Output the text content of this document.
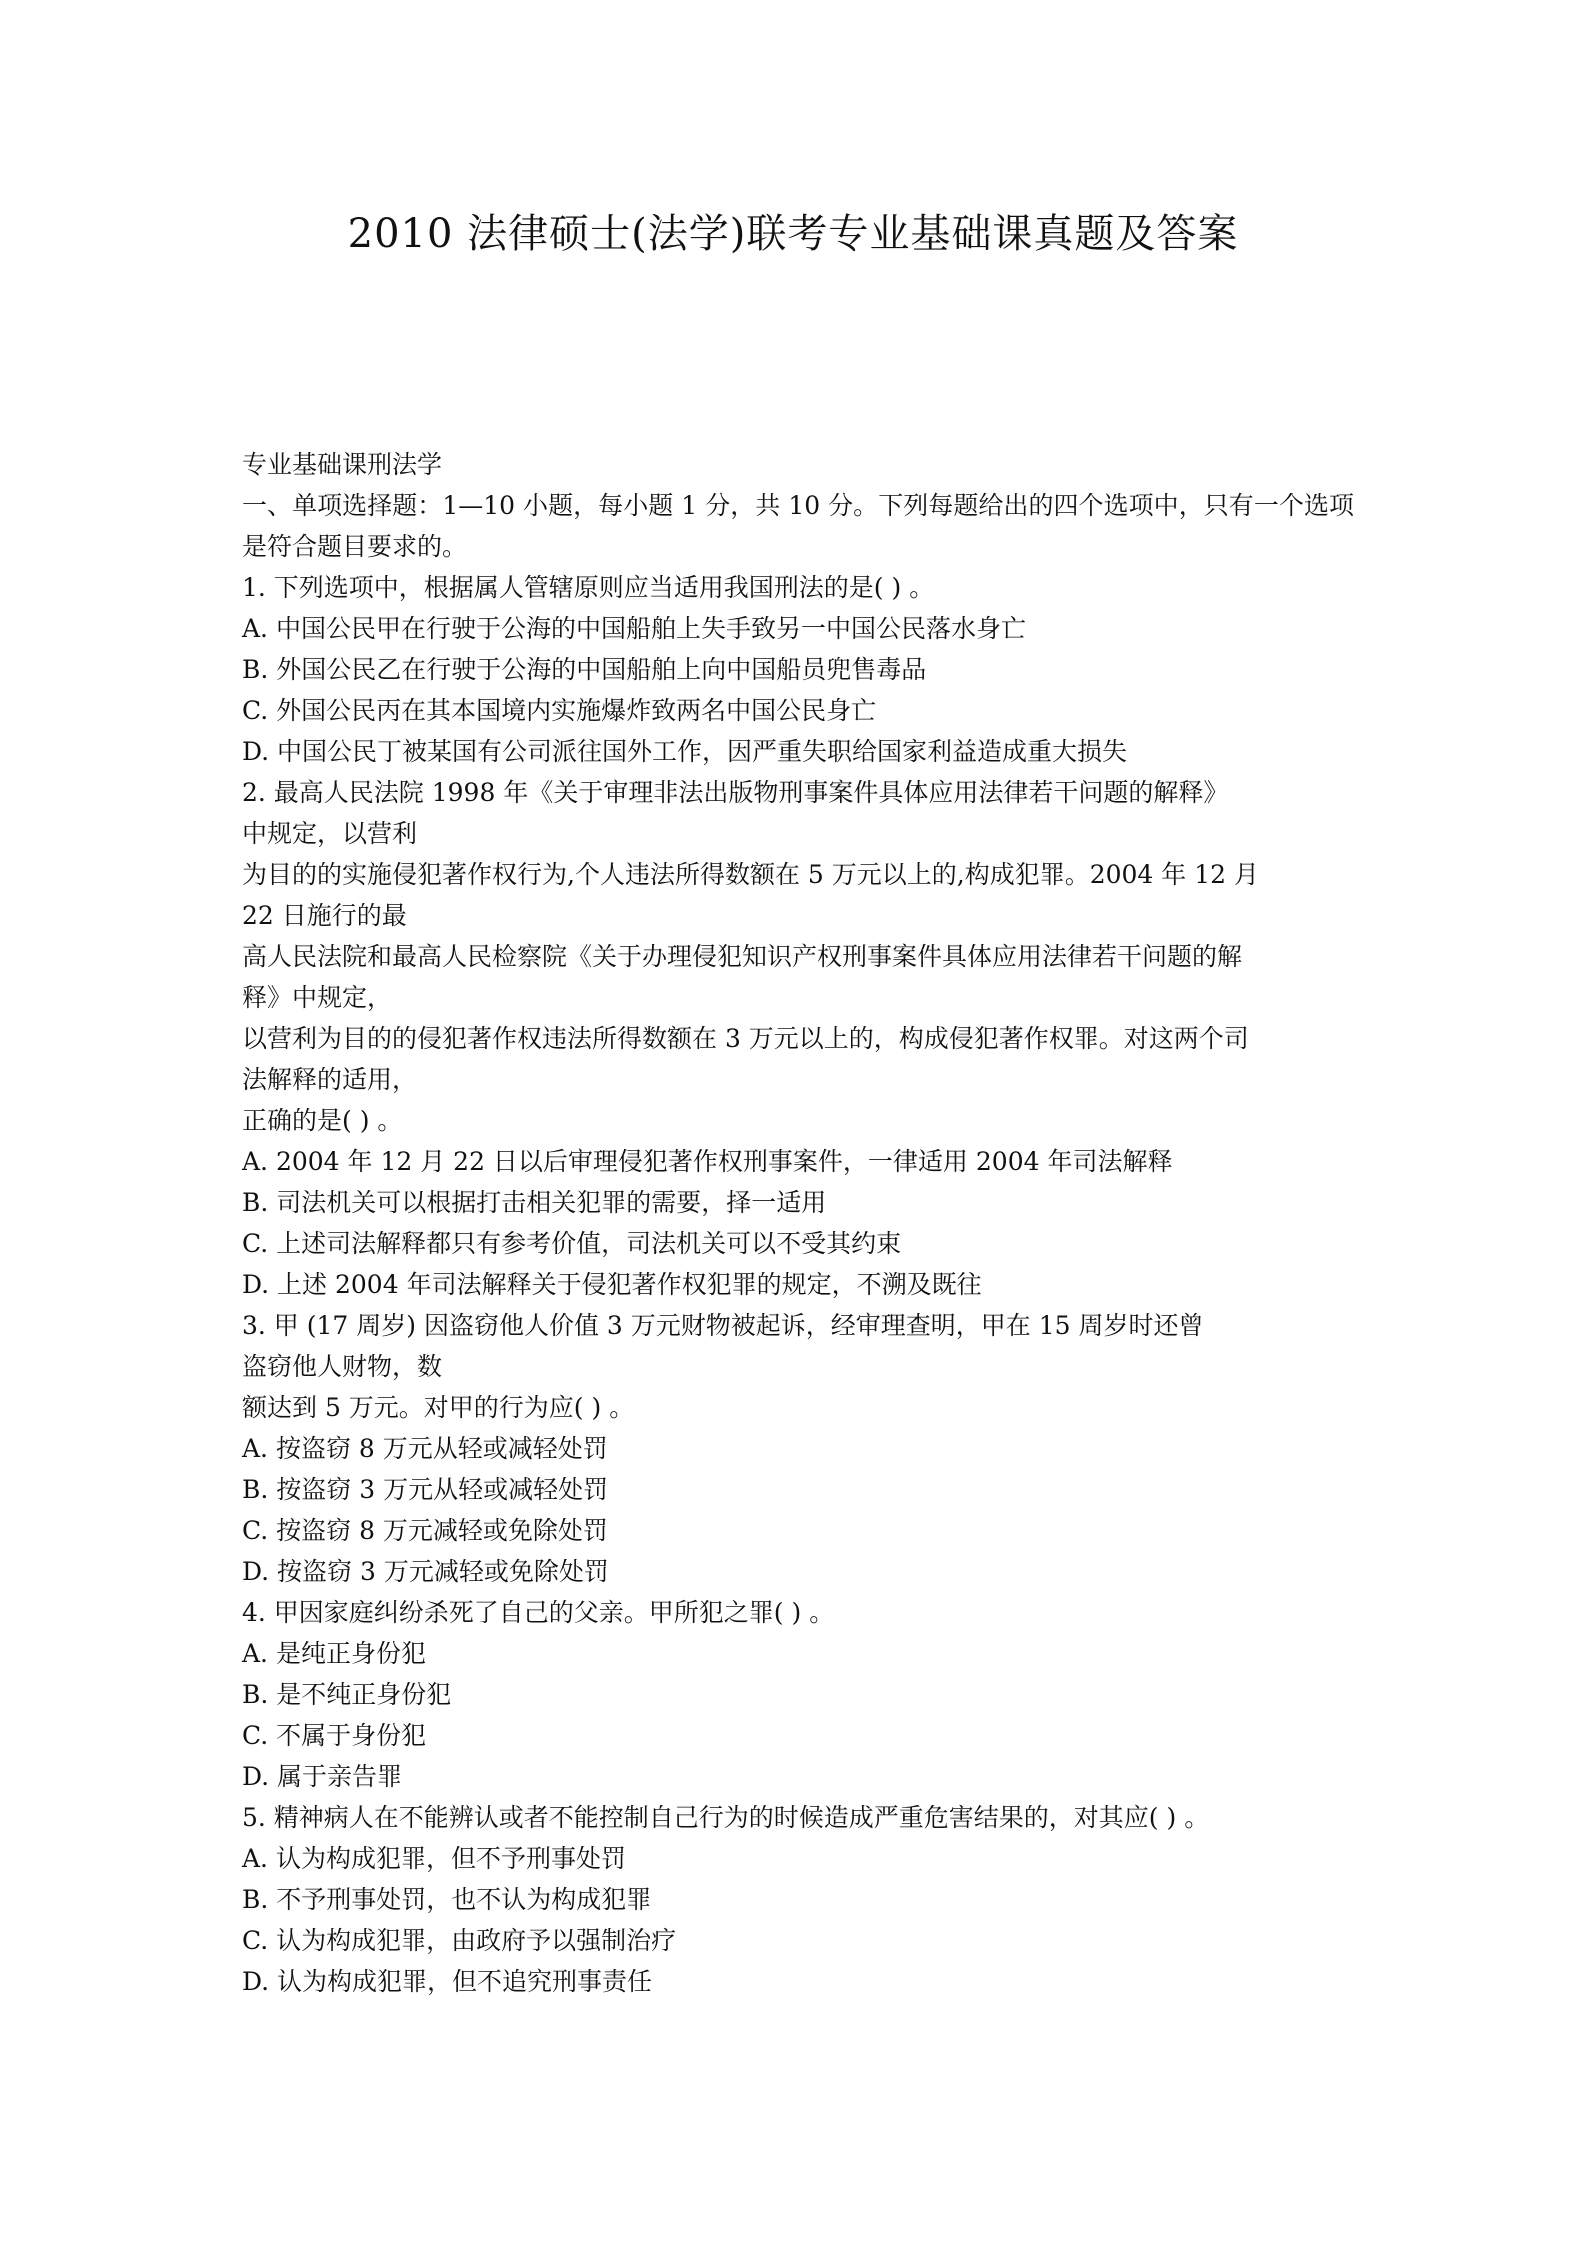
2010 法律硕士(法学)联考专业基础课真题及答案
专业基础课刑法学
一、单项选择题：1—10 小题，每小题 1 分，共 10 分。下列每题给出的四个选项中，只有一个选项是符合题目要求的。
1. 下列选项中，根据属人管辖原则应当适用我国刑法的是( ) 。
A. 中国公民甲在行驶于公海的中国船舶上失手致另一中国公民落水身亡
B. 外国公民乙在行驶于公海的中国船舶上向中国船员兜售毒品
C. 外国公民丙在其本国境内实施爆炸致两名中国公民身亡
D. 中国公民丁被某国有公司派往国外工作，因严重失职给国家利益造成重大损失
2. 最高人民法院 1998 年《关于审理非法出版物刑事案件具体应用法律若干问题的解释》
中规定，以营利
为目的的实施侵犯著作权行为,个人违法所得数额在 5 万元以上的,构成犯罪。2004 年 12 月
22 日施行的最
高人民法院和最高人民检察院《关于办理侵犯知识产权刑事案件具体应用法律若干问题的解
释》中规定，
以营利为目的的侵犯著作权违法所得数额在 3 万元以上的，构成侵犯著作权罪。对这两个司
法解释的适用，
正确的是( ) 。
A. 2004 年 12 月 22 日以后审理侵犯著作权刑事案件，一律适用 2004 年司法解释
B. 司法机关可以根据打击相关犯罪的需要，择一适用
C. 上述司法解释都只有参考价值，司法机关可以不受其约束
D. 上述 2004 年司法解释关于侵犯著作权犯罪的规定，不溯及既往
3. 甲 (17 周岁) 因盗窃他人价值 3 万元财物被起诉，经审理查明，甲在 15 周岁时还曾
盗窃他人财物，数
额达到 5 万元。对甲的行为应( ) 。
A. 按盗窃 8 万元从轻或减轻处罚
B. 按盗窃 3 万元从轻或减轻处罚
C. 按盗窃 8 万元减轻或免除处罚
D. 按盗窃 3 万元减轻或免除处罚
4. 甲因家庭纠纷杀死了自己的父亲。甲所犯之罪( ) 。
A. 是纯正身份犯
B. 是不纯正身份犯
C. 不属于身份犯
D. 属于亲告罪
5. 精神病人在不能辨认或者不能控制自己行为的时候造成严重危害结果的，对其应( ) 。
A. 认为构成犯罪，但不予刑事处罚
B. 不予刑事处罚，也不认为构成犯罪
C. 认为构成犯罪，由政府予以强制治疗
D. 认为构成犯罪，但不追究刑事责任
